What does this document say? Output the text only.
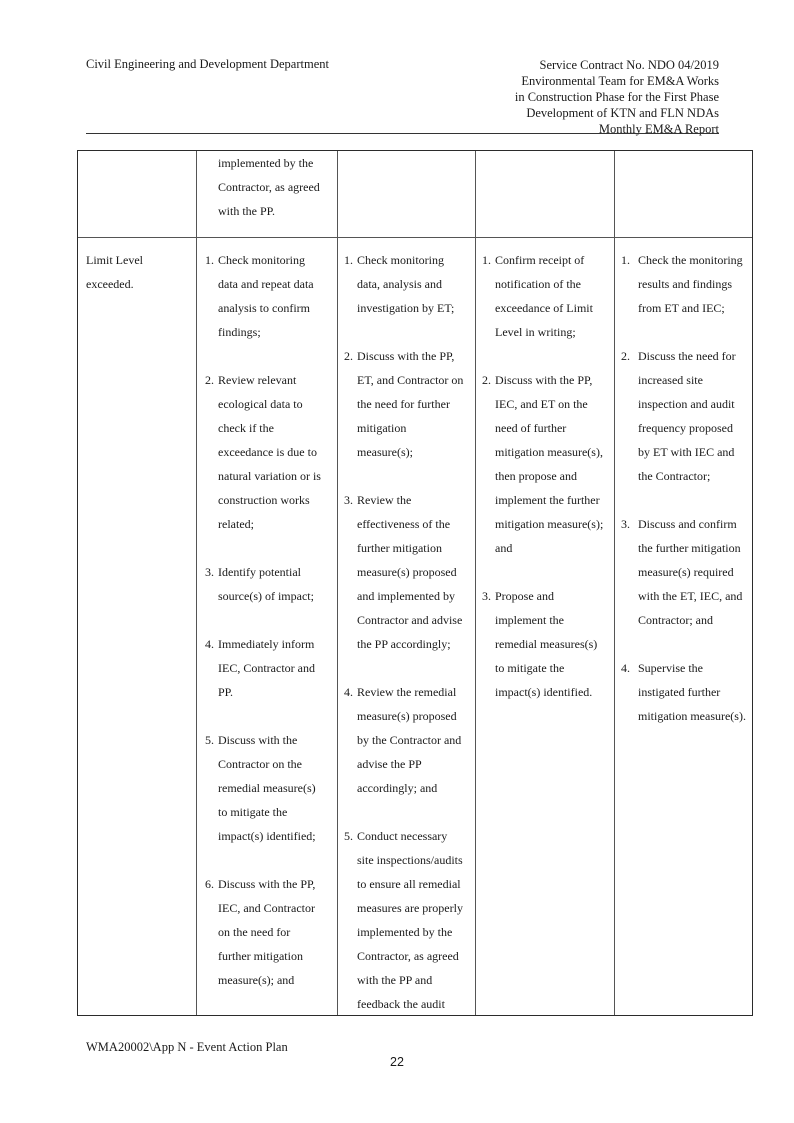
Civil Engineering and Development Department	Service Contract No. NDO 04/2019
Environmental Team for EM&A Works
in Construction Phase for the First Phase
Development of KTN and FLN NDAs
Monthly EM&A Report
implemented by the
Contractor, as agreed
with the PP.
Limit Level
exceeded.
1. Check monitoring
data and repeat data
analysis to confirm
findings;
2. Review relevant
ecological data to
check if the
exceedance is due to
natural variation or is
construction works
related;
3. Identify potential
source(s) of impact;
4. Immediately inform
IEC, Contractor and
PP.
5. Discuss with the
Contractor on the
remedial measure(s)
to mitigate the
impact(s) identified;
6. Discuss with the PP,
IEC, and Contractor
on the need for
further mitigation
measure(s); and
1. Check monitoring
data, analysis and
investigation by ET;
2. Discuss with the PP,
ET, and Contractor on
the need for further
mitigation
measure(s);
3. Review the
effectiveness of the
further mitigation
measure(s) proposed
and implemented by
Contractor and advise
the PP accordingly;
4. Review the remedial
measure(s) proposed
by the Contractor and
advise the PP
accordingly; and
5. Conduct necessary
site inspections/audits
to ensure all remedial
measures are properly
implemented by the
Contractor, as agreed
with the PP and
feedback the audit
1. Confirm receipt of
notification of the
exceedance of Limit
Level in writing;
2. Discuss with the PP,
IEC, and ET on the
need of further
mitigation measure(s),
then propose and
implement the further
mitigation measure(s);
and
3. Propose and
implement the
remedial measures(s)
to mitigate the
impact(s) identified.
1. Check the monitoring
results and findings
from ET and IEC;
2. Discuss the need for
increased site
inspection and audit
frequency proposed
by ET with IEC and
the Contractor;
3. Discuss and confirm
the further mitigation
measure(s) required
with the ET, IEC, and
Contractor; and
4. Supervise the
instigated further
mitigation measure(s).
WMA20002\App N - Event Action Plan
22
